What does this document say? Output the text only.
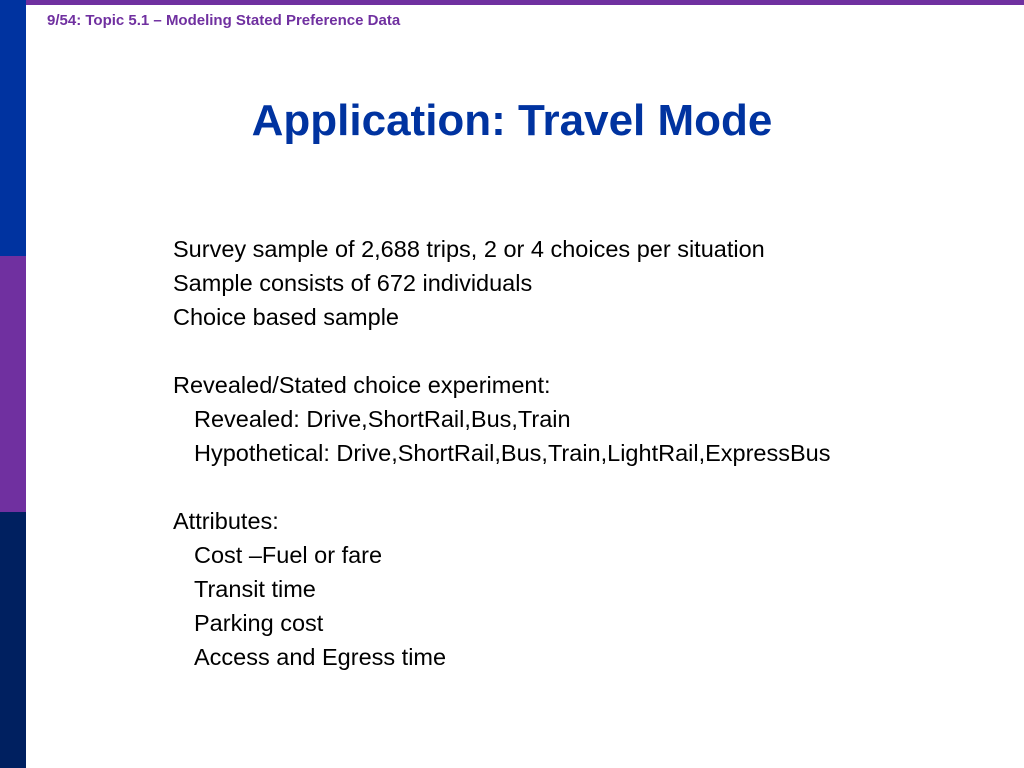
9/54: Topic 5.1 – Modeling Stated Preference Data
Application: Travel Mode
Survey sample of 2,688 trips, 2 or 4 choices per situation
Sample consists of 672 individuals
Choice based sample
Revealed/Stated choice experiment:
Revealed: Drive,ShortRail,Bus,Train
Hypothetical: Drive,ShortRail,Bus,Train,LightRail,ExpressBus
Attributes:
Cost –Fuel or fare
Transit time
Parking cost
Access and Egress time
